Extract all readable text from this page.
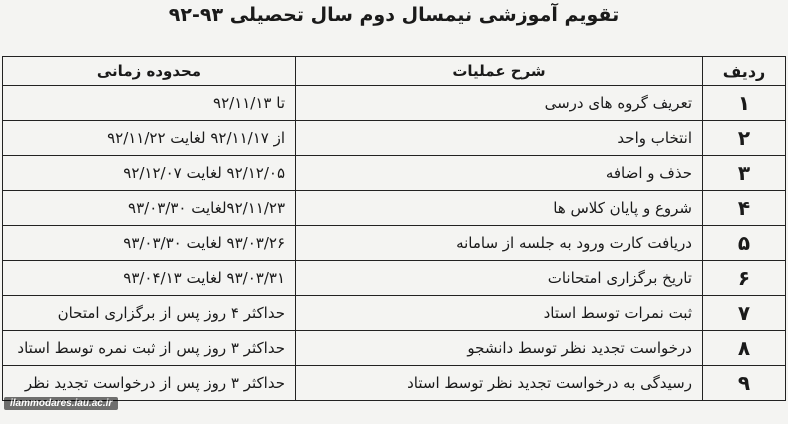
تقویم آموزشی نیمسال دوم سال تحصیلی ۹۳-۹۲
ردیف	شرح عملیات	محدوده زمانی
۱	تعریف گروه های درسی	تا ۹۲/۱۱/۱۳
۲	انتخاب واحد	از ۹۲/۱۱/۱۷ لغایت ۹۲/۱۱/۲۲
۳	حذف و اضافه	۹۲/۱۲/۰۵ لغایت ۹۲/۱۲/۰۷
۴	شروع و پایان کلاس ها	۹۲/۱۱/۲۳لغایت ۹۳/۰۳/۳۰
۵	دریافت کارت ورود به جلسه از سامانه	۹۳/۰۳/۲۶ لغایت ۹۳/۰۳/۳۰
۶	تاریخ برگزاری امتحانات	۹۳/۰۳/۳۱ لغایت ۹۳/۰۴/۱۳
۷	ثبت نمرات توسط استاد	حداکثر ۴ روز پس از برگزاری امتحان
۸	درخواست تجدید نظر توسط دانشجو	حداکثر ۳ روز پس از ثبت نمره توسط استاد
۹	رسیدگی به درخواست تجدید نظر توسط استاد	حداکثر ۳ روز پس از درخواست تجدید نظر
ilammodares.iau.ac.ir
